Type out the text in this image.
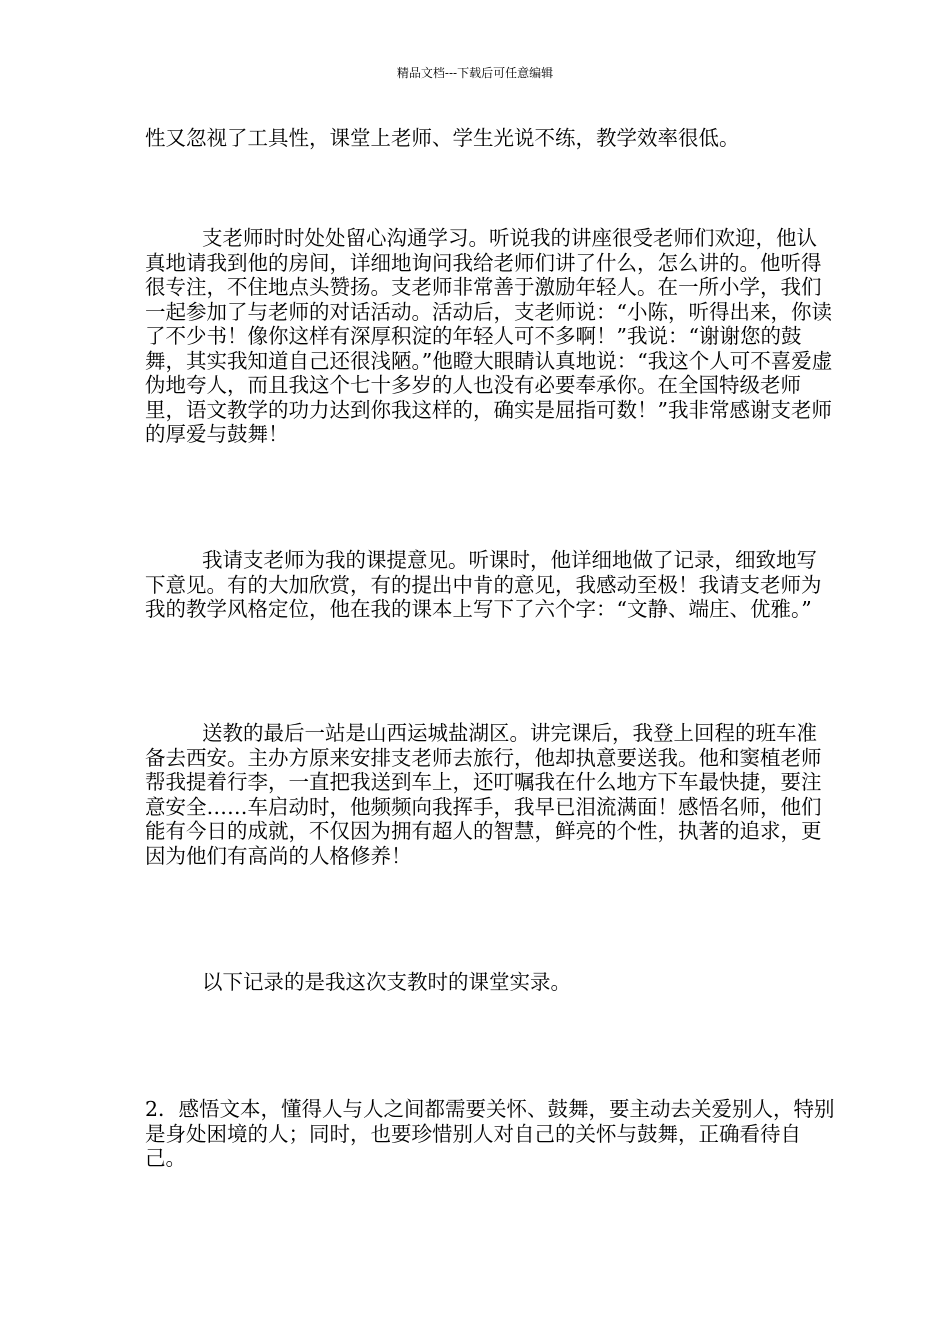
精品文档---下载后可任意编辑

性又忽视了工具性，课堂上老师、学生光说不练，教学效率很低。

支老师时时处处留心沟通学习。听说我的讲座很受老师们欢迎，他认真地请我到他的房间，详细地询问我给老师们讲了什么，怎么讲的。他听得很专注，不住地点头赞扬。支老师非常善于激励年轻人。在一所小学，我们一起参加了与老师的对话活动。活动后，支老师说：“小陈，听得出来，你读了不少书！像你这样有深厚积淀的年轻人可不多啊！”我说：“谢谢您的鼓舞，其实我知道自己还很浅陋。”他瞪大眼睛认真地说：“我这个人可不喜爱虚伪地夸人，而且我这个七十多岁的人也没有必要奉承你。在全国特级老师里，语文教学的功力达到你我这样的，确实是屈指可数！”我非常感谢支老师的厚爱与鼓舞！

我请支老师为我的课提意见。听课时，他详细地做了记录，细致地写下意见。有的大加欣赏，有的提出中肯的意见，我感动至极！我请支老师为我的教学风格定位，他在我的课本上写下了六个字：“文静、端庄、优雅。”

送教的最后一站是山西运城盐湖区。讲完课后，我登上回程的班车准备去西安。主办方原来安排支老师去旅行，他却执意要送我。他和窦植老师帮我提着行李，一直把我送到车上，还叮嘱我在什么地方下车最快捷，要注意安全……车启动时，他频频向我挥手，我早已泪流满面！感悟名师，他们能有今日的成就，不仅因为拥有超人的智慧，鲜亮的个性，执著的追求，更因为他们有高尚的人格修养！

以下记录的是我这次支教时的课堂实录。

2．感悟文本，懂得人与人之间都需要关怀、鼓舞，要主动去关爱别人，特别是身处困境的人；同时，也要珍惜别人对自己的关怀与鼓舞，正确看待自己。
